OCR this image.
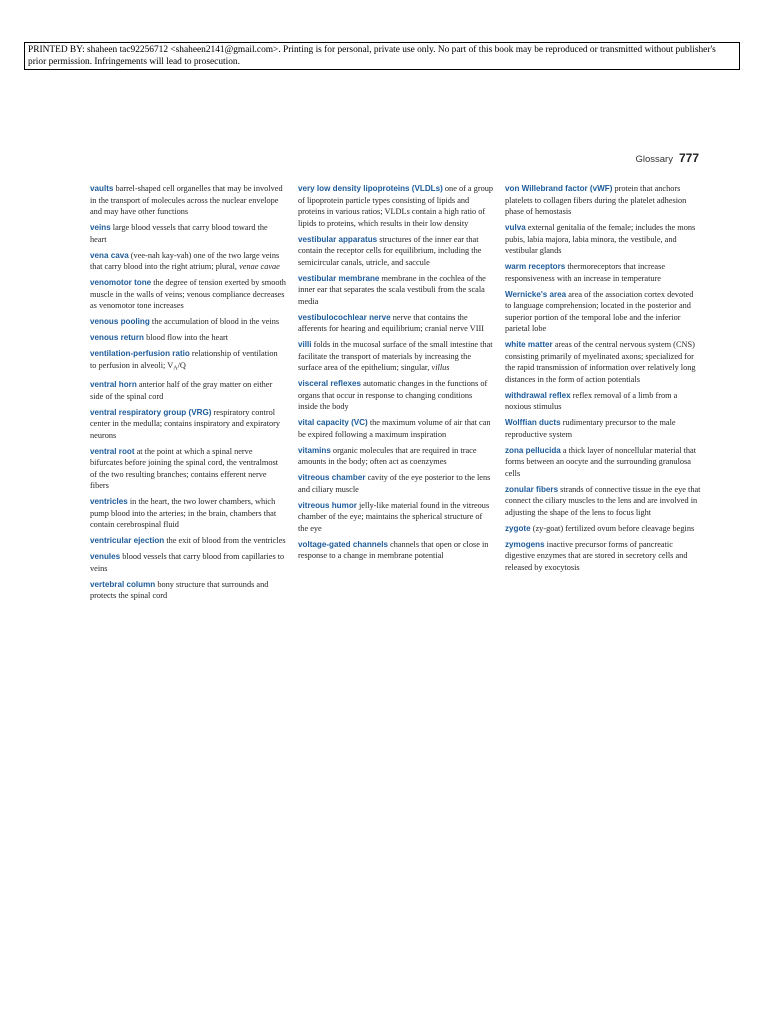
PRINTED BY: shaheen tac92256712 <shaheen2141@gmail.com>. Printing is for personal, private use only. No part of this book may be reproduced or transmitted without publisher's prior permission. Infringements will lead to prosecution.
Glossary 777

vaults barrel-shaped cell organelles that may be involved in the transport of molecules across the nuclear envelope and may have other functions

veins large blood vessels that carry blood toward the heart

vena cava (vee-nah kay-vah) one of the two large veins that carry blood into the right atrium; plural, venae cavae

venomotor tone the degree of tension exerted by smooth muscle in the walls of veins; venous compliance decreases as venomotor tone increases

venous pooling the accumulation of blood in the veins

venous return blood flow into the heart

ventilation-perfusion ratio relationship of ventilation to perfusion in alveoli; $V_A/Q$

ventral horn anterior half of the gray matter on either side of the spinal cord

ventral respiratory group (VRG) respiratory control center in the medulla; contains inspiratory and expiratory neurons

ventral root at the point at which a spinal nerve bifurcates before joining the spinal cord, the ventralmost of the two resulting branches; contains efferent nerve fibers

ventricles in the heart, the two lower chambers, which pump blood into the arteries; in the brain, chambers that contain cerebrospinal fluid

ventricular ejection the exit of blood from the ventricles

venules blood vessels that carry blood from capillaries to veins

vertebral column bony structure that surrounds and protects the spinal cord

very low density lipoproteins (VLDLs) one of a group of lipoprotein particle types consisting of lipids and proteins in various ratios; VLDLs contain a high ratio of lipids to proteins, which results in their low density

vestibular apparatus structures of the inner ear that contain the receptor cells for equilibrium, including the semicircular canals, utricle, and saccule

vestibular membrane membrane in the cochlea of the inner ear that separates the scala vestibuli from the scala media

vestibulocochlear nerve nerve that contains the afferents for hearing and equilibrium; cranial nerve VIII

villi folds in the mucosal surface of the small intestine that facilitate the transport of materials by increasing the surface area of the epithelium; singular, villus

visceral reflexes automatic changes in the functions of organs that occur in response to changing conditions inside the body

vital capacity (VC) the maximum volume of air that can be expired following a maximum inspiration

vitamins organic molecules that are required in trace amounts in the body; often act as coenzymes

vitreous chamber cavity of the eye posterior to the lens and ciliary muscle

vitreous humor jelly-like material found in the vitreous chamber of the eye; maintains the spherical structure of the eye

voltage-gated channels channels that open or close in response to a change in membrane potential

von Willebrand factor (vWF) protein that anchors platelets to collagen fibers during the platelet adhesion phase of hemostasis

vulva external genitalia of the female; includes the mons pubis, labia majora, labia minora, the vestibule, and vestibular glands

warm receptors thermoreceptors that increase responsiveness with an increase in temperature

Wernicke's area area of the association cortex devoted to language comprehension; located in the posterior and superior portion of the temporal lobe and the inferior parietal lobe

white matter areas of the central nervous system (CNS) consisting primarily of myelinated axons; specialized for the rapid transmission of information over relatively long distances in the form of action potentials

withdrawal reflex reflex removal of a limb from a noxious stimulus

Wolffian ducts rudimentary precursor to the male reproductive system

zona pellucida a thick layer of noncellular material that forms between an oocyte and the surrounding granulosa cells

zonular fibers strands of connective tissue in the eye that connect the ciliary muscles to the lens and are involved in adjusting the shape of the lens to focus light

zygote (zy-goat) fertilized ovum before cleavage begins

zymogens inactive precursor forms of pancreatic digestive enzymes that are stored in secretory cells and released by exocytosis
